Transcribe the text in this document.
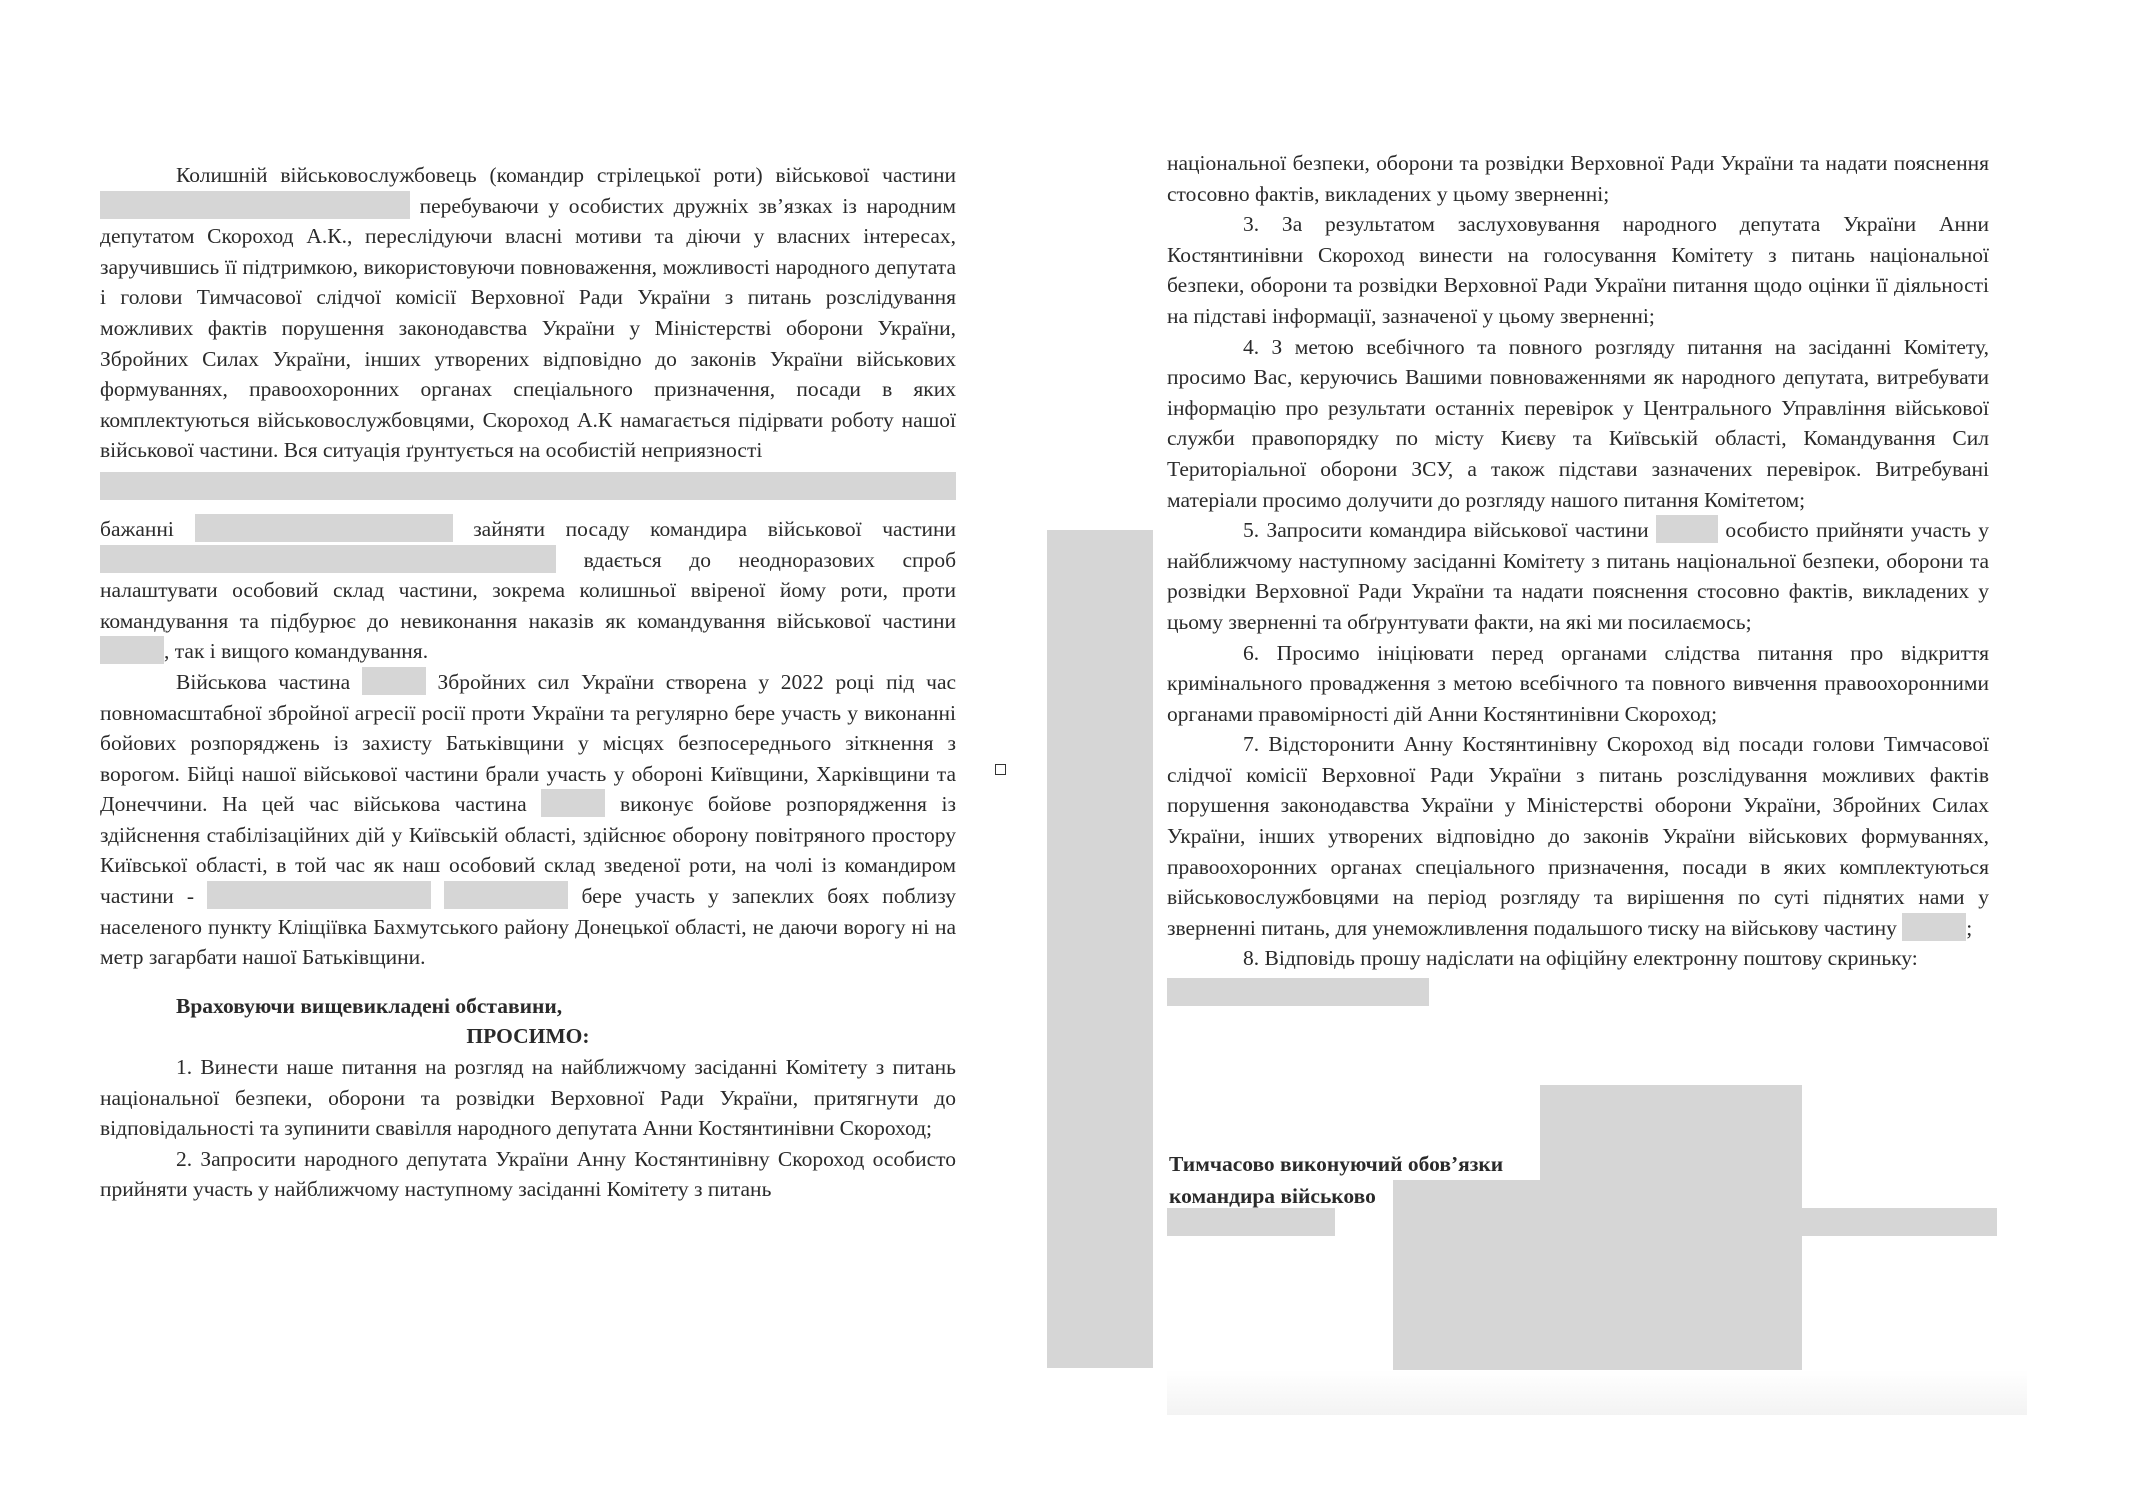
Колишній військовослужбовець (командир стрілецької роти) військової частини  перебуваючи у особистих дружніх зв’язках із народним депутатом Скороход А.К., переслідуючи власні мотиви та діючи у власних інтересах, заручившись її підтримкою, використовуючи повноваження, можливості народного депутата і голови Тимчасової слідчої комісії Верховної Ради України з питань розслідування можливих фактів порушення законодавства України у Міністерстві оборони України, Збройних Силах України, інших утворених відповідно до законів України військових формуваннях, правоохоронних органах спеціального призначення, посади в яких комплектуються військовослужбовцями, Скороход А.К намагається підірвати роботу нашої військової частини. Вся ситуація ґрунтується на особистій неприязності

бажанні	зайняти посаду командира військової частини  вдається до неодноразових спроб налаштувати особовий склад частини, зокрема колишньої ввіреної йому роти, проти командування та підбурює до невиконання наказів як командування військової частини , так і вищого командування.

Військова частина	Збройних сил України створена у 2022 році під час повномасштабної збройної агресії росії проти України та регулярно бере участь у виконанні бойових розпоряджень із захисту Батьківщини у місцях безпосереднього зіткнення з ворогом. Бійці нашої військової частини брали участь у обороні Київщини, Харківщини та Донеччини. На цей час військова частина	виконує бойове розпорядження із здійснення стабілізаційних дій у Київській області, здійснює оборону повітряного простору Київської області, в той час як наш особовий склад зведеної роти, на чолі із командиром частини -	бере участь у запеклих боях поблизу населеного пункту Кліщіївка Бахмутського району Донецької області, не даючи ворогу ні на метр загарбати нашої Батьківщини.

Враховуючи вищевикладені обставини,

ПРОСИМО:

1. Винести наше питання на розгляд на найближчому засіданні Комітету з питань національної безпеки, оборони та розвідки Верховної Ради України, притягнути до відповідальності та зупинити свавілля народного депутата Анни Костянтинівни Скороход;

2. Запросити народного депутата України Анну Костянтинівну Скороход особисто прийняти участь у найближчому наступному засіданні Комітету з питань

національної безпеки, оборони та розвідки Верховної Ради України та надати пояснення стосовно фактів, викладених у цьому зверненні;

3. За результатом заслуховування народного депутата України Анни Костянтинівни Скороход винести на голосування Комітету з питань національної безпеки, оборони та розвідки Верховної Ради України питання щодо оцінки її діяльності на підставі інформації, зазначеної у цьому зверненні;

4. З метою всебічного та повного розгляду питання на засіданні Комітету, просимо Вас, керуючись Вашими повноваженнями як народного депутата, витребувати інформацію про результати останніх перевірок у Центрального Управління військової служби правопорядку по місту Києву та Київській області, Командування Сил Територіальної оборони ЗСУ, а також підстави зазначених перевірок. Витребувані матеріали просимо долучити до розгляду нашого питання Комітетом;

5. Запросити командира військової частини	особисто прийняти участь у найближчому наступному засіданні Комітету з питань національної безпеки, оборони та розвідки Верховної Ради України та надати пояснення стосовно фактів, викладених у цьому зверненні та обґрунтувати факти, на які ми посилаємось;

6. Просимо ініціювати перед органами слідства питання про відкриття кримінального провадження з метою всебічного та повного вивчення правоохоронними органами правомірності дій Анни Костянтинівни Скороход;

7. Відсторонити Анну Костянтинівну Скороход від посади голови Тимчасової слідчої комісії Верховної Ради України з питань розслідування можливих фактів порушення законодавства України у Міністерстві оборони України, Збройних Силах України, інших утворених відповідно до законів України військових формуваннях, правоохоронних органах спеціального призначення, посади в яких комплектуються військовослужбовцями на період розгляду та вирішення по суті піднятих нами у зверненні питань, для унеможливлення подальшого тиску на військову частину	;

8. Відповідь прошу надіслати на офіційну електронну поштову скриньку:

Тимчасово виконуючий обов’язки
командира військово
